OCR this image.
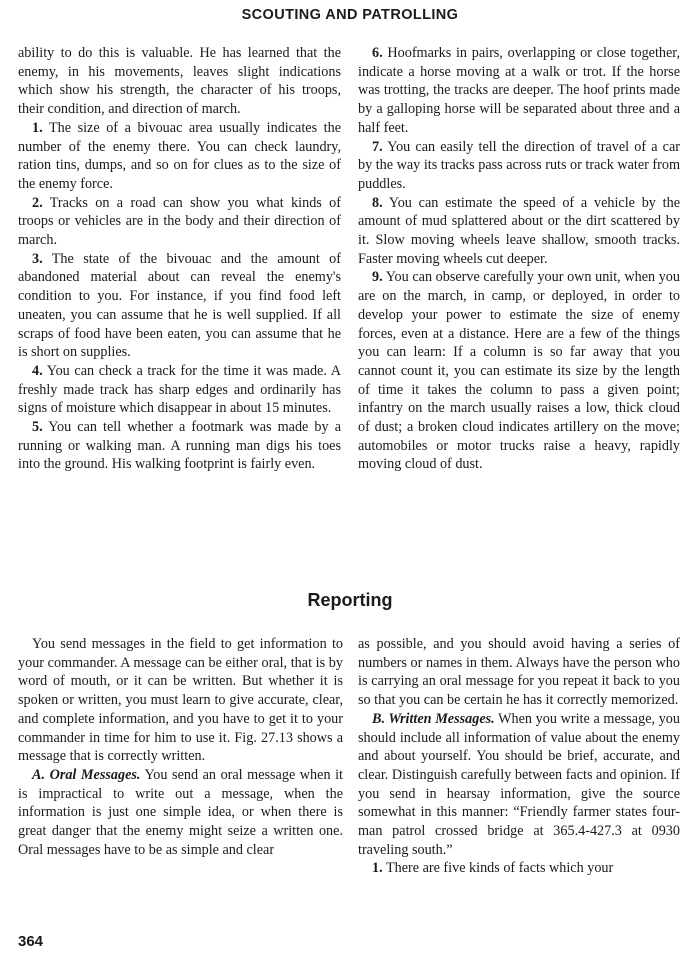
SCOUTING AND PATROLLING

ability to do this is valuable. He has learned that the enemy, in his movements, leaves slight indications which show his strength, the character of his troops, their condition, and direction of march.

1. The size of a bivouac area usually indicates the number of the enemy there. You can check laundry, ration tins, dumps, and so on for clues as to the size of the enemy force.

2. Tracks on a road can show you what kinds of troops or vehicles are in the body and their direction of march.

3. The state of the bivouac and the amount of abandoned material about can reveal the enemy's condition to you. For instance, if you find food left uneaten, you can assume that he is well supplied. If all scraps of food have been eaten, you can assume that he is short on supplies.

4. You can check a track for the time it was made. A freshly made track has sharp edges and ordinarily has signs of moisture which disappear in about 15 minutes.

5. You can tell whether a footmark was made by a running or walking man. A running man digs his toes into the ground. His walking footprint is fairly even.

6. Hoofmarks in pairs, overlapping or close together, indicate a horse moving at a walk or trot. If the horse was trotting, the tracks are deeper. The hoof prints made by a galloping horse will be separated about three and a half feet.

7. You can easily tell the direction of travel of a car by the way its tracks pass across ruts or track water from puddles.

8. You can estimate the speed of a vehicle by the amount of mud splattered about or the dirt scattered by it. Slow moving wheels leave shallow, smooth tracks. Faster moving wheels cut deeper.

9. You can observe carefully your own unit, when you are on the march, in camp, or deployed, in order to develop your power to estimate the size of enemy forces, even at a distance. Here are a few of the things you can learn: If a column is so far away that you cannot count it, you can estimate its size by the length of time it takes the column to pass a given point; infantry on the march usually raises a low, thick cloud of dust; a broken cloud indicates artillery on the move; automobiles or motor trucks raise a heavy, rapidly moving cloud of dust.

Reporting

You send messages in the field to get information to your commander. A message can be either oral, that is by word of mouth, or it can be written. But whether it is spoken or written, you must learn to give accurate, clear, and complete information, and you have to get it to your commander in time for him to use it. Fig. 27.13 shows a message that is correctly written.

A. Oral Messages. You send an oral message when it is impractical to write out a message, when the information is just one simple idea, or when there is great danger that the enemy might seize a written one. Oral messages have to be as simple and clear

as possible, and you should avoid having a series of numbers or names in them. Always have the person who is carrying an oral message for you repeat it back to you so that you can be certain he has it correctly memorized.

B. Written Messages. When you write a message, you should include all information of value about the enemy and about yourself. You should be brief, accurate, and clear. Distinguish carefully between facts and opinion. If you send in hearsay information, give the source somewhat in this manner: “Friendly farmer states four-man patrol crossed bridge at 365.4-427.3 at 0930 traveling south.”

1. There are five kinds of facts which your

364
